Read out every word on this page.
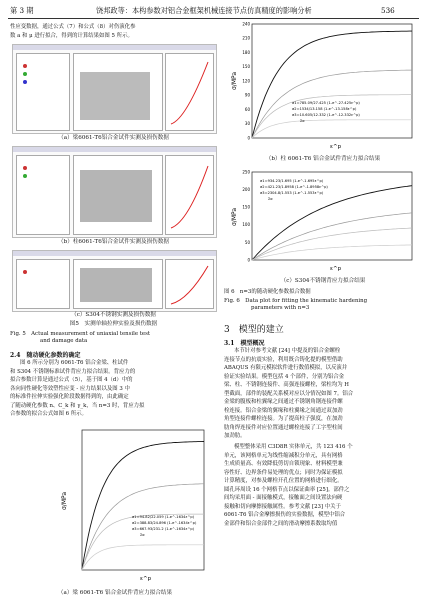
第 3 期	饶邦政等：本构参数对铝合金框架机械连接节点仿真精度的影响分析	536
性应变数据，通过公式（7）和公式（8）对伤演化参
数 a 和 μ 进行拟合，得到的计算结果如图 5 所示。
（a）梁6061-T6铝合金试件实测及损伤数据
（b）柱6061-T6铝合金试件实测及损伤数据
（c）S304不锈钢实测及损伤数据
图5　实测单轴拉伸实验及损伤数据
Fig. 5　Actual measurement of uniaxial tensile test
and damage data
2.4　随动硬化参数的确定
图 6 所示分别为 6061-T6 铝合金梁、柱试件
和 S304 不锈钢标准试件背应力拟合结果。背应力的
拟合参数计算是通过公式（5），基于图 4（d）中的
各向同性硬化等效塑性应变 - 应力结果以及图 3 中
的标准件拉伸实验强化阶段数据得到的，由此确定
了随动硬化参数 n、C_k 和 γ_k，当 n=3 时，背应力拟
合参数的拟合公式如图 6 所示。
σ/MPa
ε^p
σ1=94.82/22.059 (1-e^-1634ε^p)
σ2=388.83/24.896 (1-e^-1634ε^p)
σ3=667.93/231.2 (1-e^-1634ε^p)
Σα
（a）梁 6061-T6 铝合金试件背应力拟合结果
240
210
180
150
120
90
60
30
0
σ/MPa
ε^p
σ1=785.09/27.425 (1-e^-27.425ε^p)
σ2=1534/13.158 (1-e^-13.158ε^p)
σ3=10.605/12.332 (1-e^-12.332ε^p)
Σα
（b）柱 6061-T6 铝合金试件背应力拟合结果
250
200
150
100
50
0
σ/MPa
ε^p
σ1=934.23/1.695 (1-e^-1.695ε^p)
σ2=421.23/1.8958 (1-e^-1.8958ε^p)
σ3=2304.8/1.553 (1-e^-1.553ε^p)
Σα
（c）S304不锈钢背应力拟合结果
图 6　n=3的随动硬化参数拟合数据
Fig. 6　Data plot for fitting the kinematic hardening
parameters with n=3
3　模型的建立
3.1　模型概况
本节针对参考文献 [24] 中提及的铝合金螺栓
连接节点的抗震实验，利用既合铸化提的模型借助
ABAQUS 有限元模拟软件进行数值模拟，以反演并
验证实验结果。模型包括 4 个部件，分别为铝合金
梁、柱、不锈钢连接件、高强连接螺栓，梁柱均为 H
型截面，部件的装配关系模对应以分情况如图 7。铝合
金梁的腹板和柱翼缘之间通过不锈钢角钢连接件螺
栓连接。铝合金梁的翼缘和柱翼缘之间通过双加劲
角型连接件螺栓连接。为了提高柱子强度，在加劲
肋角焊连接件对应位置通过螺栓连接了工字型柱间
加劲肋。
模型整体采用 C3D8R 实体单元，共 123 416 个
单元，该网格单元为线性缩减积分单元，具有网格
生成质量高、有效降低剪切自锁现象、材料模型兼
容性好、边界条件易处理的优点；同时为保证模拟
计算精度，对参及螺栓开孔位置的网格进行细化。
圆孔环周设 16 个网格节点以保证曲率 [25]。部件之
间均采用面 - 面接触模式，接触面之间设置法向硬
接触和切向摩擦接触属性。参考文献 [23] 中关于
6061-T6 铝合金摩擦损伤的实验数据，模型中铝合
金部件和铝合金部件之间的滑动摩擦系数取均值
